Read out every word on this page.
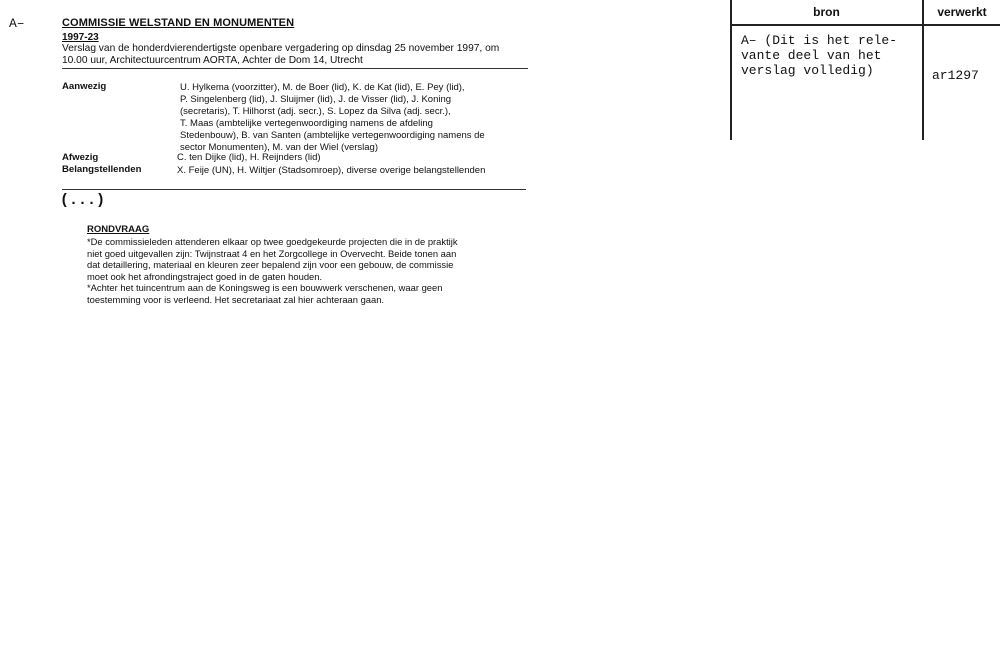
A–	COMMISSIE WELSTAND EN MONUMENTEN
1997-23
Verslag van de honderdvierendertigste openbare vergadering op dinsdag 25 november 1997, om
10.00 uur, Architectuurcentrum AORTA, Achter de Dom 14, Utrecht
Aanwezig	U. Hylkema (voorzitter), M. de Boer (lid), K. de Kat (lid), E. Pey (lid),
P. Singelenberg (lid), J. Sluijmer (lid), J. de Visser (lid), J. Koning
(secretaris), T. Hilhorst (adj. secr.), S. Lopez da Silva (adj. secr.),
T. Maas (ambtelijke vertegenwoordiging namens de afdeling
Stedenbouw), B. van Santen (ambtelijke vertegenwoordiging namens de
sector Monumenten), M. van der Wiel (verslag)
Afwezig	C. ten Dijke (lid), H. Reijnders (lid)
Belangstellenden	X. Feije (UN), H. Wiltjer (Stadsomroep), diverse overige belangstellenden
(...)
RONDVRAAG

*De commissieleden attenderen elkaar op twee goedgekeurde projecten die in de praktijk

niet goed uitgevallen zijn: Twijnstraat 4 en het Zorgcollege in Overvecht. Beide tonen aan

dat detaillering, materiaal en kleuren zeer bepalend zijn voor een gebouw, de commissie

moet ook het afrondingstraject goed in de gaten houden.

*Achter het tuincentrum aan de Koningsweg is een bouwwerk verschenen, waar geen

toestemming voor is verleend. Het secretariaat zal hier achteraan gaan.

bron	verwerkt
A– (Dit is het rele-
vante deel van het
verslag volledig)	ar1297
